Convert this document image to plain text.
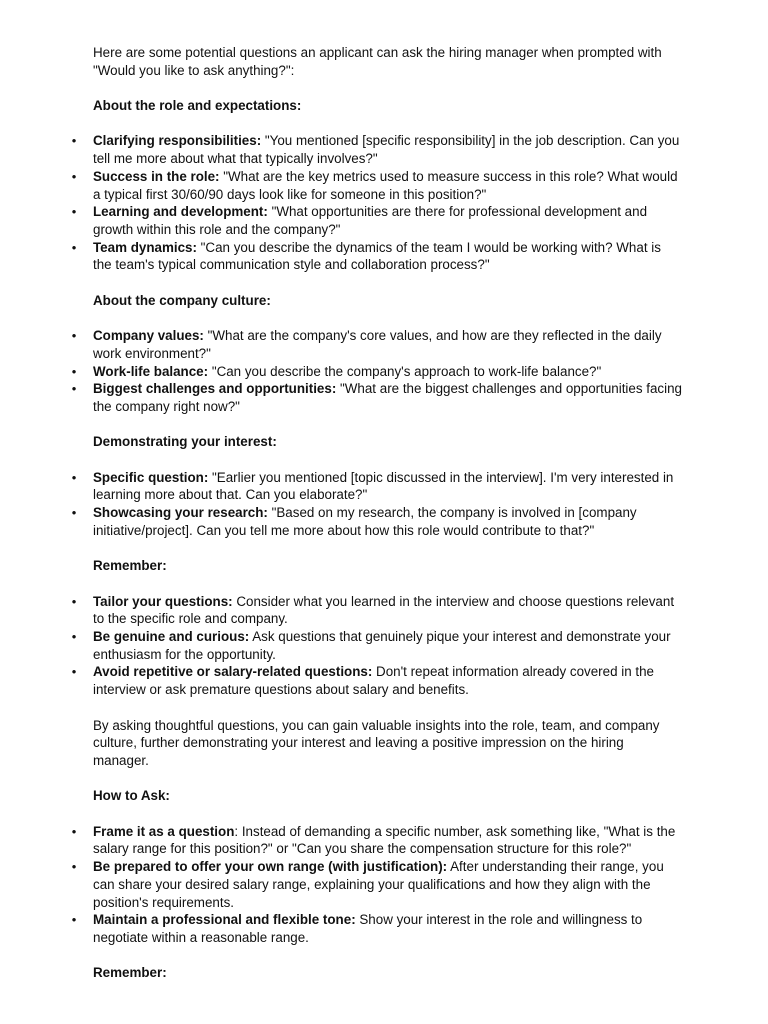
Here are some potential questions an applicant can ask the hiring manager when prompted with "Would you like to ask anything?":

About the role and expectations:

• Clarifying responsibilities: "You mentioned [specific responsibility] in the job description. Can you tell me more about what that typically involves?"
• Success in the role: "What are the key metrics used to measure success in this role? What would a typical first 30/60/90 days look like for someone in this position?"
• Learning and development: "What opportunities are there for professional development and growth within this role and the company?"
• Team dynamics: "Can you describe the dynamics of the team I would be working with? What is the team's typical communication style and collaboration process?"

About the company culture:

• Company values: "What are the company's core values, and how are they reflected in the daily work environment?"
• Work-life balance: "Can you describe the company's approach to work-life balance?"
• Biggest challenges and opportunities: "What are the biggest challenges and opportunities facing the company right now?"

Demonstrating your interest:

• Specific question: "Earlier you mentioned [topic discussed in the interview]. I'm very interested in learning more about that. Can you elaborate?"
• Showcasing your research: "Based on my research, the company is involved in [company initiative/project]. Can you tell me more about how this role would contribute to that?"

Remember:

• Tailor your questions: Consider what you learned in the interview and choose questions relevant to the specific role and company.
• Be genuine and curious: Ask questions that genuinely pique your interest and demonstrate your enthusiasm for the opportunity.
• Avoid repetitive or salary-related questions: Don't repeat information already covered in the interview or ask premature questions about salary and benefits.

By asking thoughtful questions, you can gain valuable insights into the role, team, and company culture, further demonstrating your interest and leaving a positive impression on the hiring manager.

How to Ask:

• Frame it as a question: Instead of demanding a specific number, ask something like, "What is the salary range for this position?" or "Can you share the compensation structure for this role?"
• Be prepared to offer your own range (with justification): After understanding their range, you can share your desired salary range, explaining your qualifications and how they align with the position's requirements.
• Maintain a professional and flexible tone: Show your interest in the role and willingness to negotiate within a reasonable range.

Remember:
